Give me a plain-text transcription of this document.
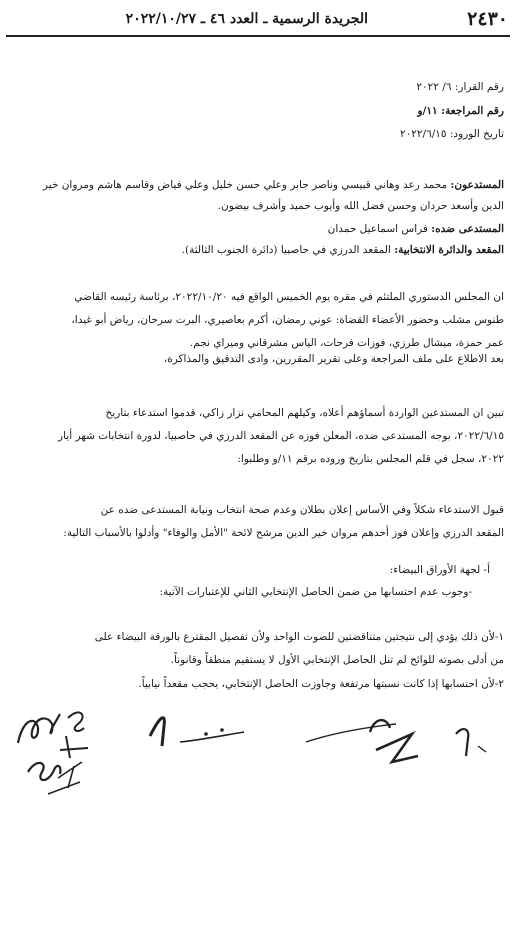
٢٤٣٠
الجريدة الرسمية ـ العدد ٤٦ ـ ٢٠٢٢/١٠/٢٧
رقم القرار: ٦/ ٢٠٢٢
رقم المراجعة: ١١/و
تاريخ الورود: ٢٠٢٢/٦/١٥
المستدعون: محمد رعد وهاني قبيسي وناصر جابر وعلي حسن خليل وعلي فياض وقاسم هاشم ومروان خير
الدين وأسعد حردان وحسن فضل الله وأيوب حميد وأشرف بيضون.
المستدعى ضده: فراس اسماعيل حمدان
المقعد والدائرة الانتخابية: المقعد الدرزي في حاصبيا (دائرة الجنوب الثالثة).
ان المجلس الدستوري الملتئم في مقره يوم الخميس الواقع فيه ٢٠٢٢/١٠/٢٠، برئاسة رئيسه القاضي
طنوس مشلب وحضور الأعضاء القضاة: عوني رمضان، أكرم بعاصيري، البرت سرحان، رياض أبو غيدا،
عمر حمزة، ميشال طرزي، فوزات فرحات، الياس مشرقاني وميراي نجم.
بعد الاطلاع على ملف المراجعة وعلى تقرير المقررين، وادى التدقيق والمذاكرة،
تبين ان المستدعين الواردة أسماؤهم أعلاه، وكيلهم المحامي نزار زاكي، قدموا استدعاء بتاريخ
٢٠٢٢/٦/١٥، بوجه المستدعى ضده، المعلن فوزه عن المقعد الدرزي في حاصبيا، لدورة انتخابات شهر أيار
٢٠٢٢، سجل في قلم المجلس بتاريخ وروده برقم ١١/و وطلبوا:
قبول الاستدعاء شكلاً وفي الأساس إعلان بطلان وعدم صحة انتخاب ونيابة المستدعى ضده عن
المقعد الدرزي وإعلان فوز أحدهم مروان خير الدين مرشح لائحة "الأمل والوفاء" وأدلوا بالأسباب التالية:
أ- لجهة الأوراق البيضاء:
-وجوب عدم احتسابها من ضمن الحاصل الإنتخابي الثاني للإعتبارات الآتية:
١-لأن ذلك يؤدي إلى نتيجتين متناقضتين للصوت الواحد ولأن تفصيل المقترع بالورقة البيضاء على
من أدلى بصوته للوائح لم تنل الحاصل الإنتخابي الأول لا يستقيم منطقاً وقانوناً.
٢-لأن احتسابها إذا كانت نسبتها مرتفعة وجاوزت الحاصل الإنتخابي، يحجب مقعداً نيابياً.
